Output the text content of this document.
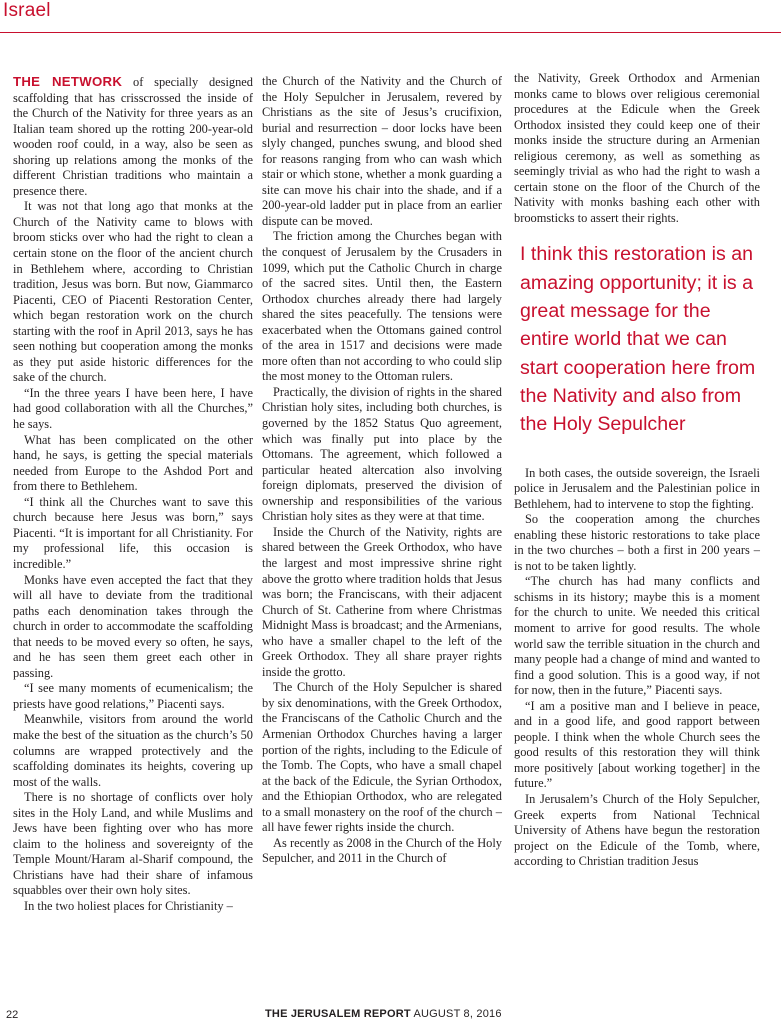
Israel

THE NETWORK of specially designed scaffolding that has crisscrossed the inside of the Church of the Nativity for three years as an Italian team shored up the rotting 200-year-old wooden roof could, in a way, also be seen as shoring up relations among the monks of the different Christian traditions who maintain a presence there.

It was not that long ago that monks at the Church of the Nativity came to blows with broom sticks over who had the right to clean a certain stone on the floor of the ancient church in Bethlehem where, according to Christian tradition, Jesus was born. But now, Giammarco Piacenti, CEO of Piacenti Restoration Center, which began restoration work on the church starting with the roof in April 2013, says he has seen nothing but cooperation among the monks as they put aside historic differences for the sake of the church.

“In the three years I have been here, I have had good collaboration with all the Churches,” he says.

What has been complicated on the other hand, he says, is getting the special materials needed from Europe to the Ashdod Port and from there to Bethlehem.

“I think all the Churches want to save this church because here Jesus was born,” says Piacenti. “It is important for all Christianity. For my professional life, this occasion is incredible.”

Monks have even accepted the fact that they will all have to deviate from the traditional paths each denomination takes through the church in order to accommodate the scaffolding that needs to be moved every so often, he says, and he has seen them greet each other in passing.

“I see many moments of ecumenicalism; the priests have good relations,” Piacenti says.

Meanwhile, visitors from around the world make the best of the situation as the church’s 50 columns are wrapped protectively and the scaffolding dominates its heights, covering up most of the walls.

There is no shortage of conflicts over holy sites in the Holy Land, and while Muslims and Jews have been fighting over who has more claim to the holiness and sovereignty of the Temple Mount/Haram al-Sharif compound, the Christians have had their share of infamous squabbles over their own holy sites.

In the two holiest places for Christianity –

the Church of the Nativity and the Church of the Holy Sepulcher in Jerusalem, revered by Christians as the site of Jesus’s crucifixion, burial and resurrection – door locks have been slyly changed, punches swung, and blood shed for reasons ranging from who can wash which stair or which stone, whether a monk guarding a site can move his chair into the shade, and if a 200-year-old ladder put in place from an earlier dispute can be moved.

The friction among the Churches began with the conquest of Jerusalem by the Crusaders in 1099, which put the Catholic Church in charge of the sacred sites. Until then, the Eastern Orthodox churches already there had largely shared the sites peacefully. The tensions were exacerbated when the Ottomans gained control of the area in 1517 and decisions were made more often than not according to who could slip the most money to the Ottoman rulers.

Practically, the division of rights in the shared Christian holy sites, including both churches, is governed by the 1852 Status Quo agreement, which was finally put into place by the Ottomans. The agreement, which followed a particular heated altercation also involving foreign diplomats, preserved the division of ownership and responsibilities of the various Christian holy sites as they were at that time.

Inside the Church of the Nativity, rights are shared between the Greek Orthodox, who have the largest and most impressive shrine right above the grotto where tradition holds that Jesus was born; the Franciscans, with their adjacent Church of St. Catherine from where Christmas Midnight Mass is broadcast; and the Armenians, who have a smaller chapel to the left of the Greek Orthodox. They all share prayer rights inside the grotto.

The Church of the Holy Sepulcher is shared by six denominations, with the Greek Orthodox, the Franciscans of the Catholic Church and the Armenian Orthodox Churches having a larger portion of the rights, including to the Edicule of the Tomb. The Copts, who have a small chapel at the back of the Edicule, the Syrian Orthodox, and the Ethiopian Orthodox, who are relegated to a small monastery on the roof of the church – all have fewer rights inside the church.

As recently as 2008 in the Church of the Holy Sepulcher, and 2011 in the Church of

the Nativity, Greek Orthodox and Armenian monks came to blows over religious ceremonial procedures at the Edicule when the Greek Orthodox insisted they could keep one of their monks inside the structure during an Armenian religious ceremony, as well as something as seemingly trivial as who had the right to wash a certain stone on the floor of the Church of the Nativity with monks bashing each other with broomsticks to assert their rights.

I think this restoration is an amazing opportunity; it is a great message for the entire world that we can start cooperation here from the Nativity and also from the Holy Sepulcher

In both cases, the outside sovereign, the Israeli police in Jerusalem and the Palestinian police in Bethlehem, had to intervene to stop the fighting.

So the cooperation among the churches enabling these historic restorations to take place in the two churches – both a first in 200 years – is not to be taken lightly.

“The church has had many conflicts and schisms in its history; maybe this is a moment for the church to unite. We needed this critical moment to arrive for good results. The whole world saw the terrible situation in the church and many people had a change of mind and wanted to find a good solution. This is a good way, if not for now, then in the future,” Piacenti says.

“I am a positive man and I believe in peace, and in a good life, and good rapport between people. I think when the whole Church sees the good results of this restoration they will think more positively [about working together] in the future.”

In Jerusalem’s Church of the Holy Sepulcher, Greek experts from National Technical University of Athens have begun the restoration project on the Edicule of the Tomb, where, according to Christian tradition Jesus

22	THE JERUSALEM REPORT AUGUST 8, 2016
